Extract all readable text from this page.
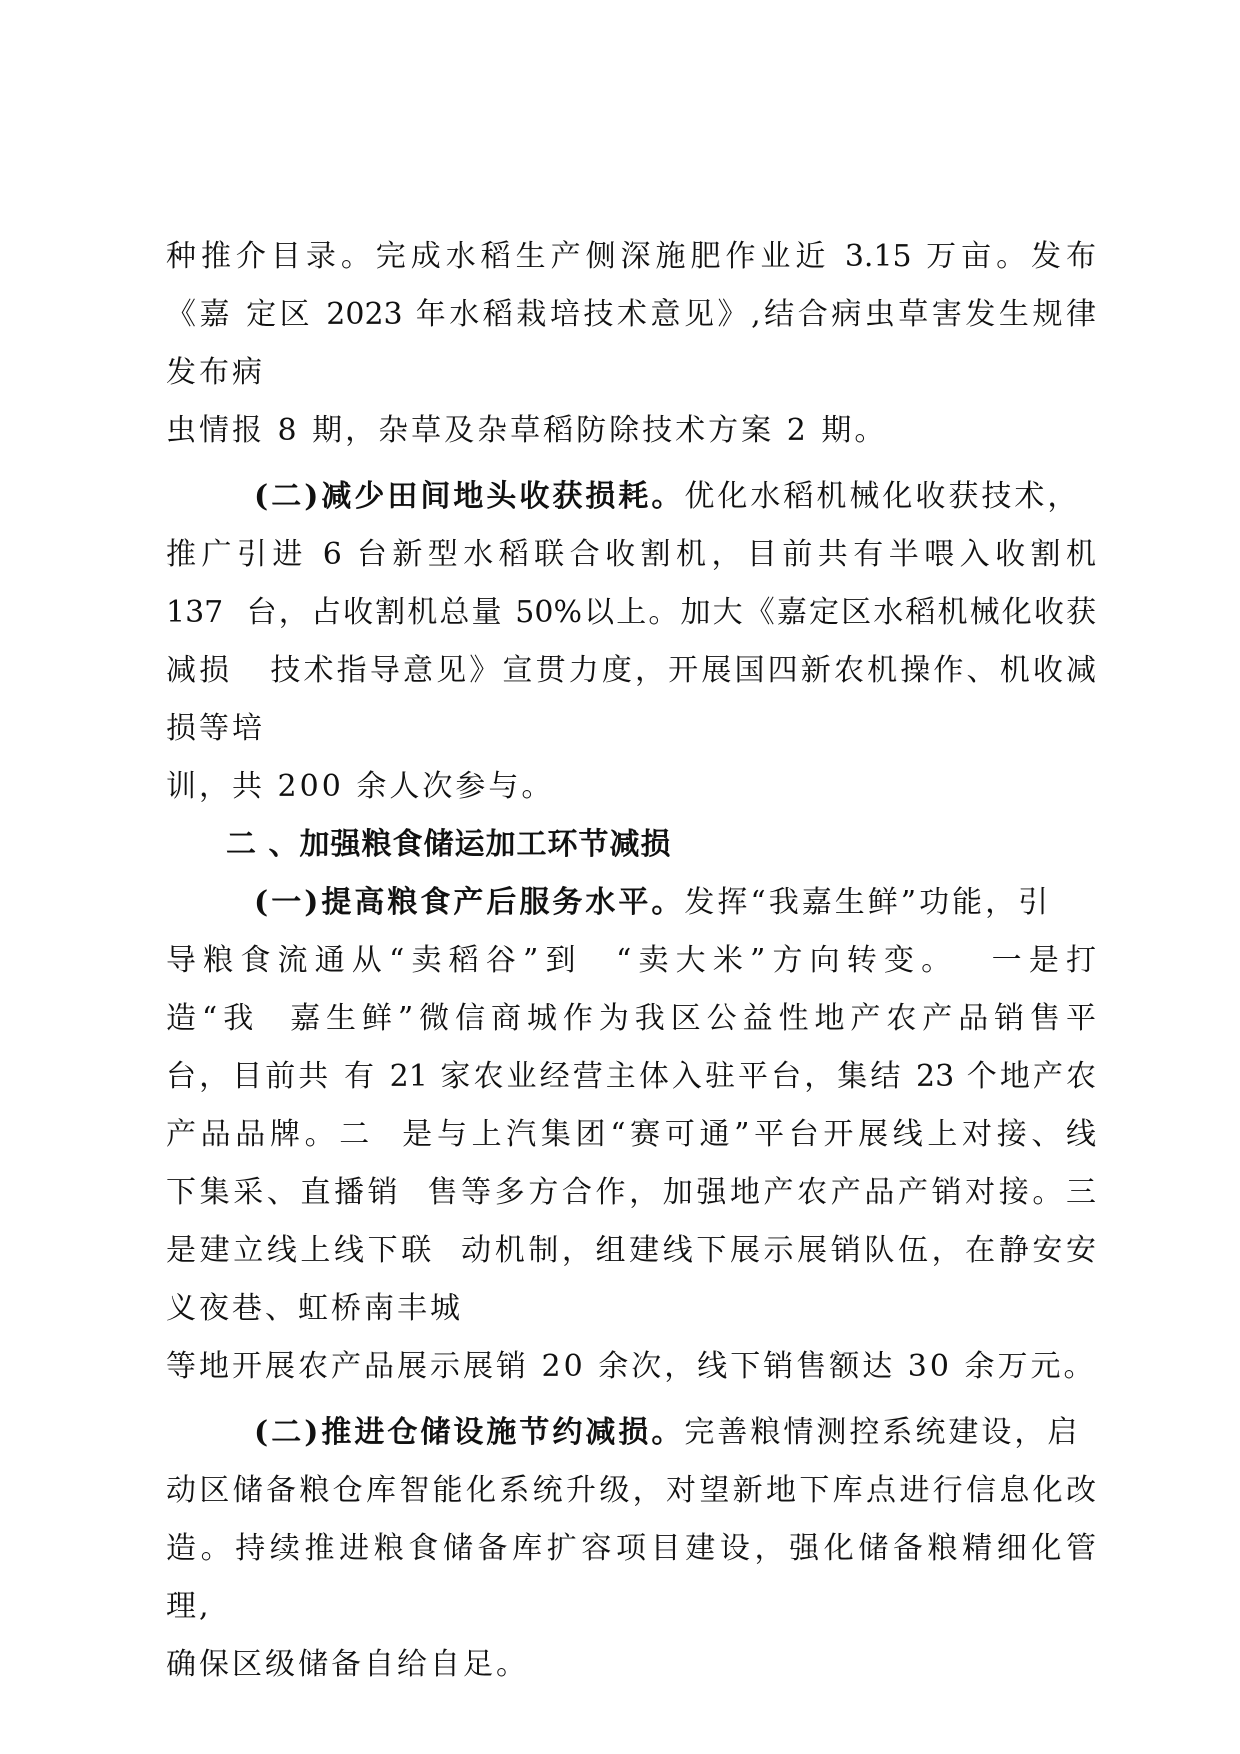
种推介目录。完成水稻生产侧深施肥作业近 3.15 万亩。发布
《嘉 定区 2023 年水稻栽培技术意见》,结合病虫草害发生规律
发布病
虫情报 8 期，杂草及杂草稻防除技术方案 2 期。
(二)减少田间地头收获损耗。优化水稻机械化收获技术，
推广引进 6 台新型水稻联合收割机，目前共有半喂入收割机
137  台，占收割机总量 50%以上。加大《嘉定区水稻机械化收获
减损   技术指导意见》宣贯力度，开展国四新农机操作、机收减
损等培
训，共 200 余人次参与。
二 、加强粮食储运加工环节减损
(一)提高粮食产后服务水平。发挥“我嘉生鲜”功能，引
导粮食流通从“卖稻谷”到  “卖大米”方向转变。  一是打
造“我  嘉生鲜”微信商城作为我区公益性地产农产品销售平
台，目前共 有 21 家农业经营主体入驻平台，集结 23 个地产农
产品品牌。二  是与上汽集团“赛可通”平台开展线上对接、线
下集采、直播销  售等多方合作，加强地产农产品产销对接。三
是建立线上线下联  动机制，组建线下展示展销队伍，在静安安
义夜巷、虹桥南丰城
等地开展农产品展示展销 20 余次，线下销售额达 30 余万元。
(二)推进仓储设施节约减损。完善粮情测控系统建设，启
动区储备粮仓库智能化系统升级，对望新地下库点进行信息化改
造。持续推进粮食储备库扩容项目建设，强化储备粮精细化管
理,
确保区级储备自给自足。
